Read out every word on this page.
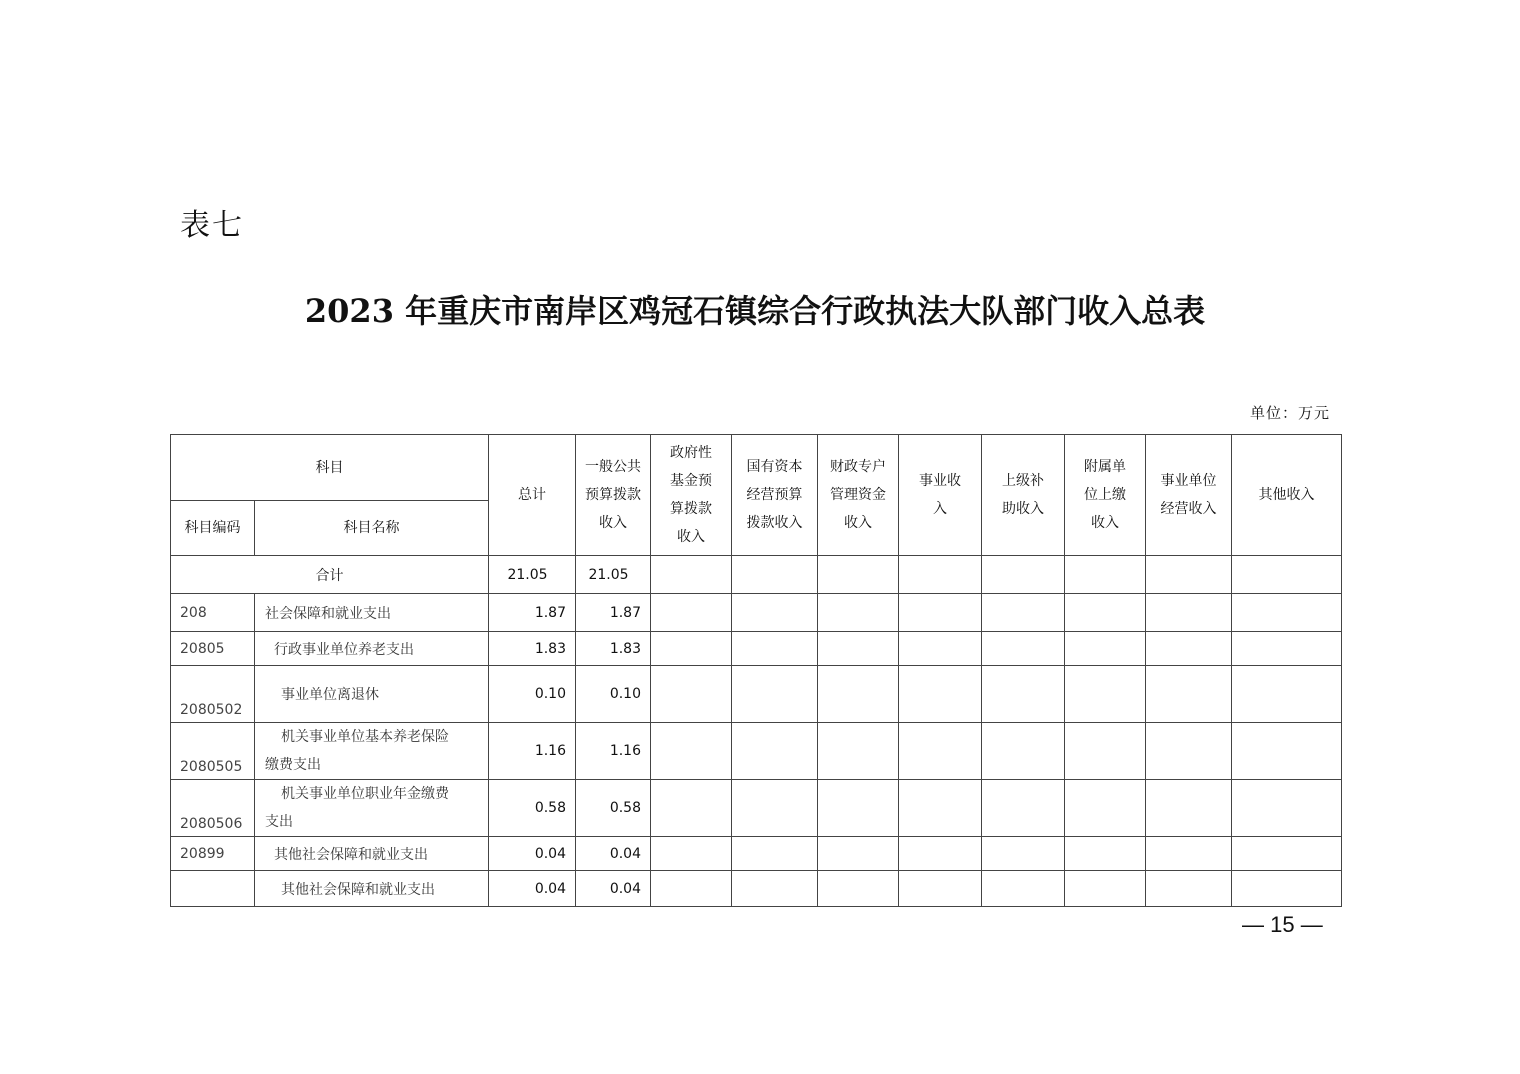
表七
2023 年重庆市南岸区鸡冠石镇综合行政执法大队部门收入总表
单位：万元
科目		总计	一般公共预算拨款收入	政府性基金预算拨款收入	国有资本经营预算拨款收入	财政专户管理资金收入	事业收入	上级补助收入	附属单位上缴收入	事业单位经营收入	其他收入
科目编码	科目名称										
合计		21.05	21.05								
208	社会保障和就业支出	1.87	1.87								
20805	行政事业单位养老支出	1.83	1.83								
2080502	事业单位离退休	0.10	0.10								
2080505	机关事业单位基本养老保险
缴费支出	1.16	1.16								
2080506	机关事业单位职业年金缴费
支出	0.58	0.58								
20899	其他社会保障和就业支出	0.04	0.04								
	其他社会保障和就业支出	0.04	0.04								
— 15 —
